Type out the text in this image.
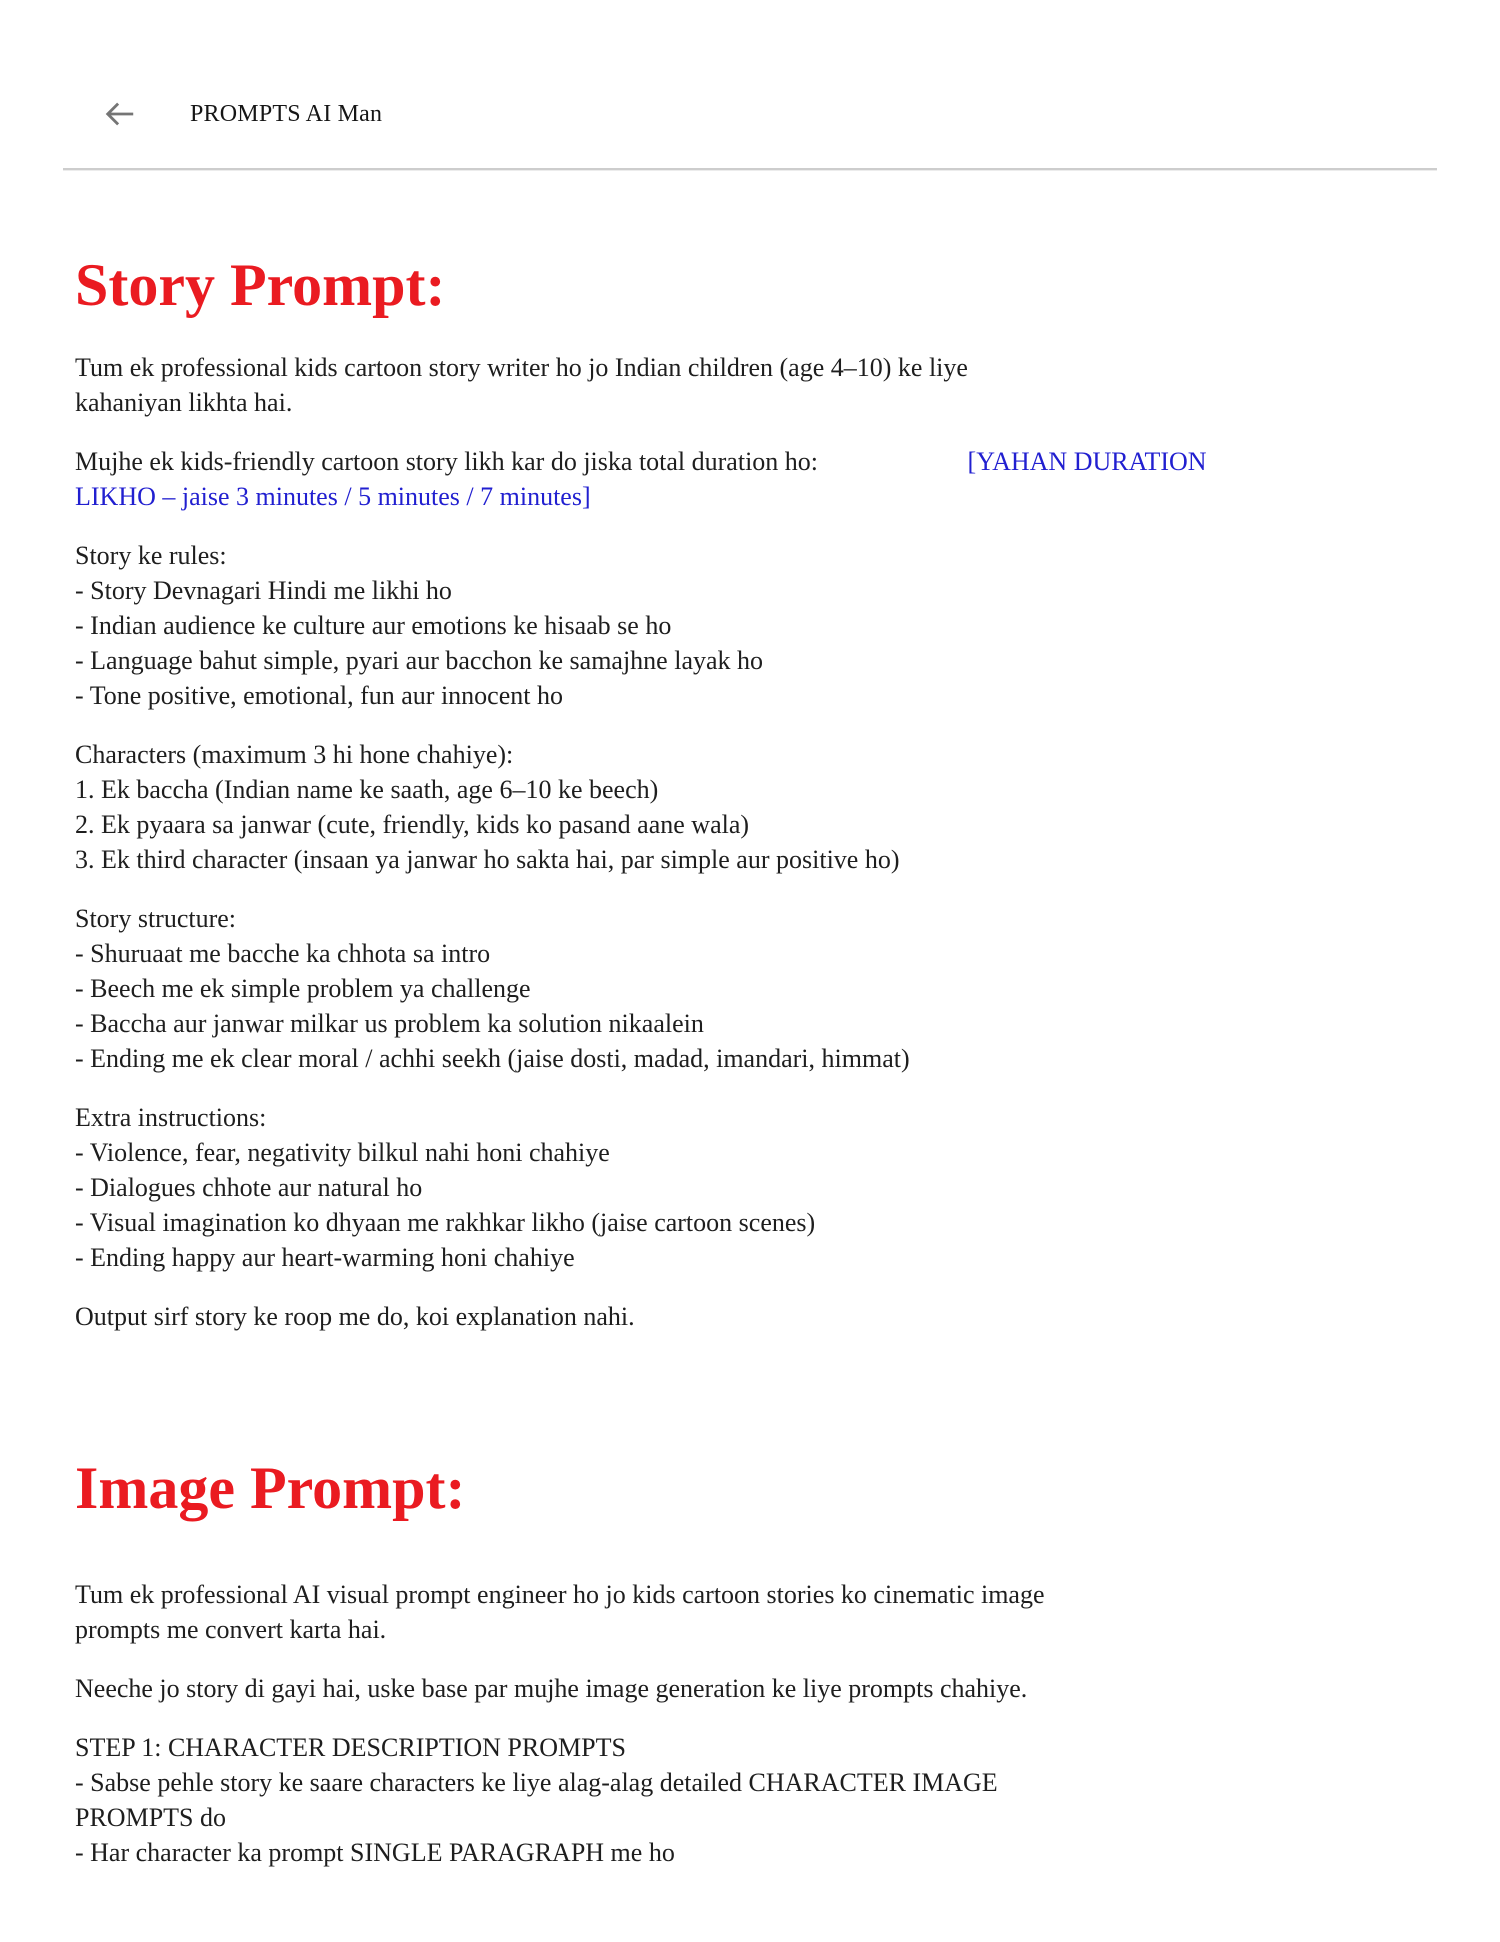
PROMPTS AI Man
Story Prompt:

Tum ek professional kids cartoon story writer ho jo Indian children (age 4–10) ke liye
kahaniyan likhta hai.

Mujhe ek kids-friendly cartoon story likh kar do jiska total duration ho:                       [YAHAN DURATION
LIKHO – jaise 3 minutes / 5 minutes / 7 minutes]

Story ke rules:
- Story Devnagari Hindi me likhi ho
- Indian audience ke culture aur emotions ke hisaab se ho
- Language bahut simple, pyari aur bacchon ke samajhne layak ho
- Tone positive, emotional, fun aur innocent ho

Characters (maximum 3 hi hone chahiye):
1. Ek baccha (Indian name ke saath, age 6–10 ke beech)
2. Ek pyaara sa janwar (cute, friendly, kids ko pasand aane wala)
3. Ek third character (insaan ya janwar ho sakta hai, par simple aur positive ho)

Story structure:
- Shuruaat me bacche ka chhota sa intro
- Beech me ek simple problem ya challenge
- Baccha aur janwar milkar us problem ka solution nikaalein
- Ending me ek clear moral / achhi seekh (jaise dosti, madad, imandari, himmat)

Extra instructions:
- Violence, fear, negativity bilkul nahi honi chahiye
- Dialogues chhote aur natural ho
- Visual imagination ko dhyaan me rakhkar likho (jaise cartoon scenes)
- Ending happy aur heart-warming honi chahiye

Output sirf story ke roop me do, koi explanation nahi.

Image Prompt:

Tum ek professional AI visual prompt engineer ho jo kids cartoon stories ko cinematic image
prompts me convert karta hai.

Neeche jo story di gayi hai, uske base par mujhe image generation ke liye prompts chahiye.

STEP 1: CHARACTER DESCRIPTION PROMPTS
- Sabse pehle story ke saare characters ke liye alag-alag detailed CHARACTER IMAGE
PROMPTS do
- Har character ka prompt SINGLE PARAGRAPH me ho
